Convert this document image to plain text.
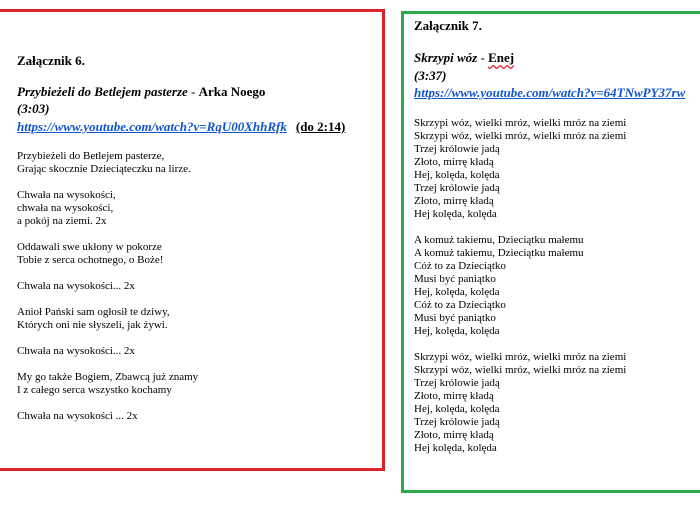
Załącznik 6.
Przybieżeli do Betlejem pasterze - Arka Noego
(3:03)
https://www.youtube.com/watch?v=RqU00XhhRfk (do 2:14)
Przybieżeli do Betlejem pasterze,
Grając skocznie Dzieciąteczku na lirze.
Chwała na wysokości,
chwała na wysokości,
a pokój na ziemi. 2x
Oddawali swe ukłony w pokorze
Tobie z serca ochotnego, o Boże!
Chwała na wysokości... 2x
Anioł Pański sam ogłosił te dziwy,
Których oni nie słyszeli, jak żywi.
Chwała na wysokości... 2x
My go także Bogiem, Zbawcą już znamy
I z całego serca wszystko kochamy
Chwała na wysokości ... 2x
Załącznik 7.
Skrzypi wóz - Enej
(3:37)
https://www.youtube.com/watch?v=64TNwPY37rw
Skrzypi wóz, wielki mróz, wielki mróz na ziemi
Skrzypi wóz, wielki mróz, wielki mróz na ziemi
Trzej królowie jadą
Złoto, mirrę kładą
Hej, kolęda, kolęda
Trzej królowie jadą
Złoto, mirrę kładą
Hej kolęda, kolęda
A komuż takiemu, Dzieciątku małemu
A komuż takiemu, Dzieciątku małemu
Cóż to za Dzieciątko
Musi być paniątko
Hej, kolęda, kolęda
Cóż to za Dzieciątko
Musi być paniątko
Hej, kolęda, kolęda
Skrzypi wóz, wielki mróz, wielki mróz na ziemi
Skrzypi wóz, wielki mróz, wielki mróz na ziemi
Trzej królowie jadą
Złoto, mirrę kładą
Hej, kolęda, kolęda
Trzej królowie jadą
Złoto, mirrę kładą
Hej kolęda, kolęda
